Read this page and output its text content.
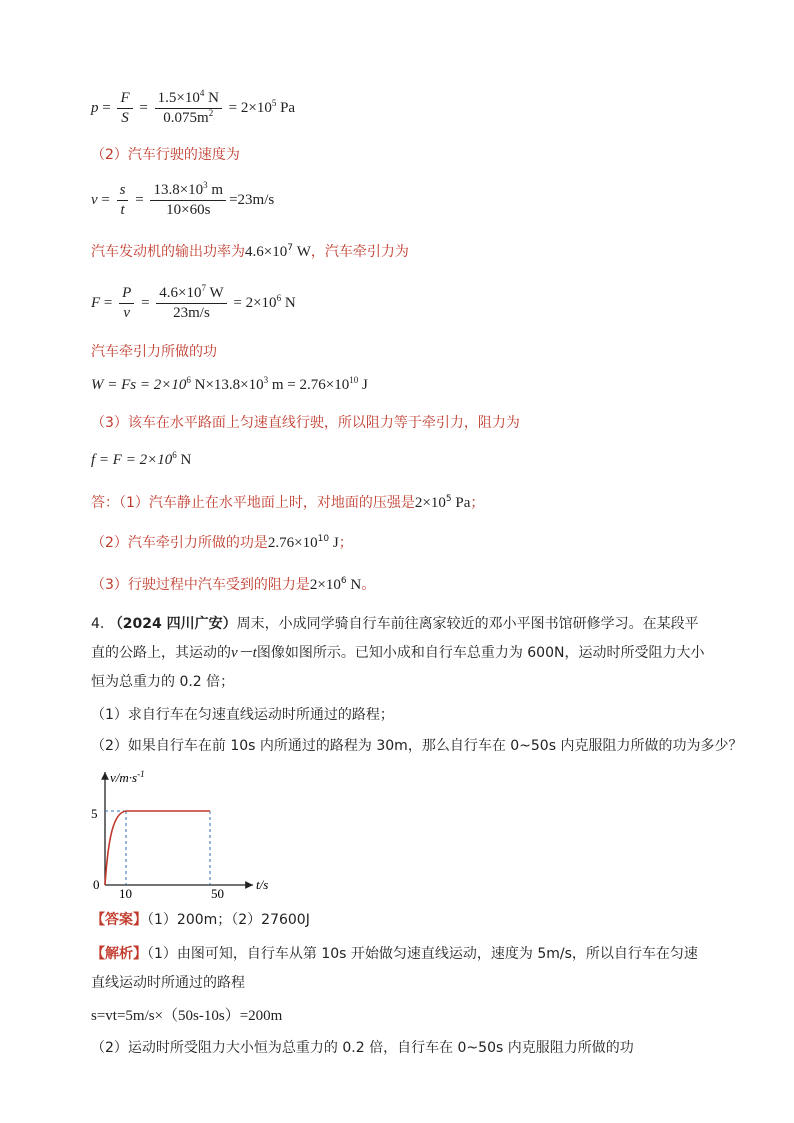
$p = \frac{F}{S} = \frac{1.5\times 10^4 N}{0.075m^2} = 2\times 10^5$ Pa
（2）汽车行驶的速度为
$v = \frac{s}{t} = \frac{13.8\times 10^3 m}{10\times 60s} =23m/s$
汽车发动机的输出功率为$4.6\times 10^7$ W，汽车牵引力为
$F = \frac{P}{v} = \frac{4.6\times 10^7 W}{23m/s} = 2\times 10^6$ N
汽车牵引力所做的功
$W = Fs = 2\times 10^6$ $N\times 13.8\times 10^3$ $m = 2.76\times 10^{10}$ J
（3）该车在水平路面上匀速直线行驶，所以阻力等于牵引力，阻力为
$f = F = 2\times 10^6$ N
答：（1）汽车静止在水平地面上时，对地面的压强是$2\times 10^5$ Pa；
（2）汽车牵引力所做的功是$2.76\times 10^{10}$ J；
（3）行驶过程中汽车受到的阻力是$2\times 10^6$ N。
4. （2024 四川广安）周末，小成同学骑自行车前往离家较近的邓小平图书馆研修学习。在某段平直的公路上，其运动的v－t图像如图所示。已知小成和自行车总重力为 600N，运动时所受阻力大小恒为总重力的 0.2 倍；
（1）求自行车在匀速直线运动时所通过的路程；
（2）如果自行车在前 10s 内所通过的路程为 30m，那么自行车在 0~50s 内克服阻力所做的功为多少？
$v/m\cdot s^{-1}$
t/s
5
0
10	50
【答案】（1）200m；（2）27600J
【解析】（1）由图可知，自行车从第 10s 开始做匀速直线运动，速度为 5m/s，所以自行车在匀速直线运动时所通过的路程
s=vt=5m/s×（50s-10s）=200m
（2）运动时所受阻力大小恒为总重力的 0.2 倍，自行车在 0~50s 内克服阻力所做的功
